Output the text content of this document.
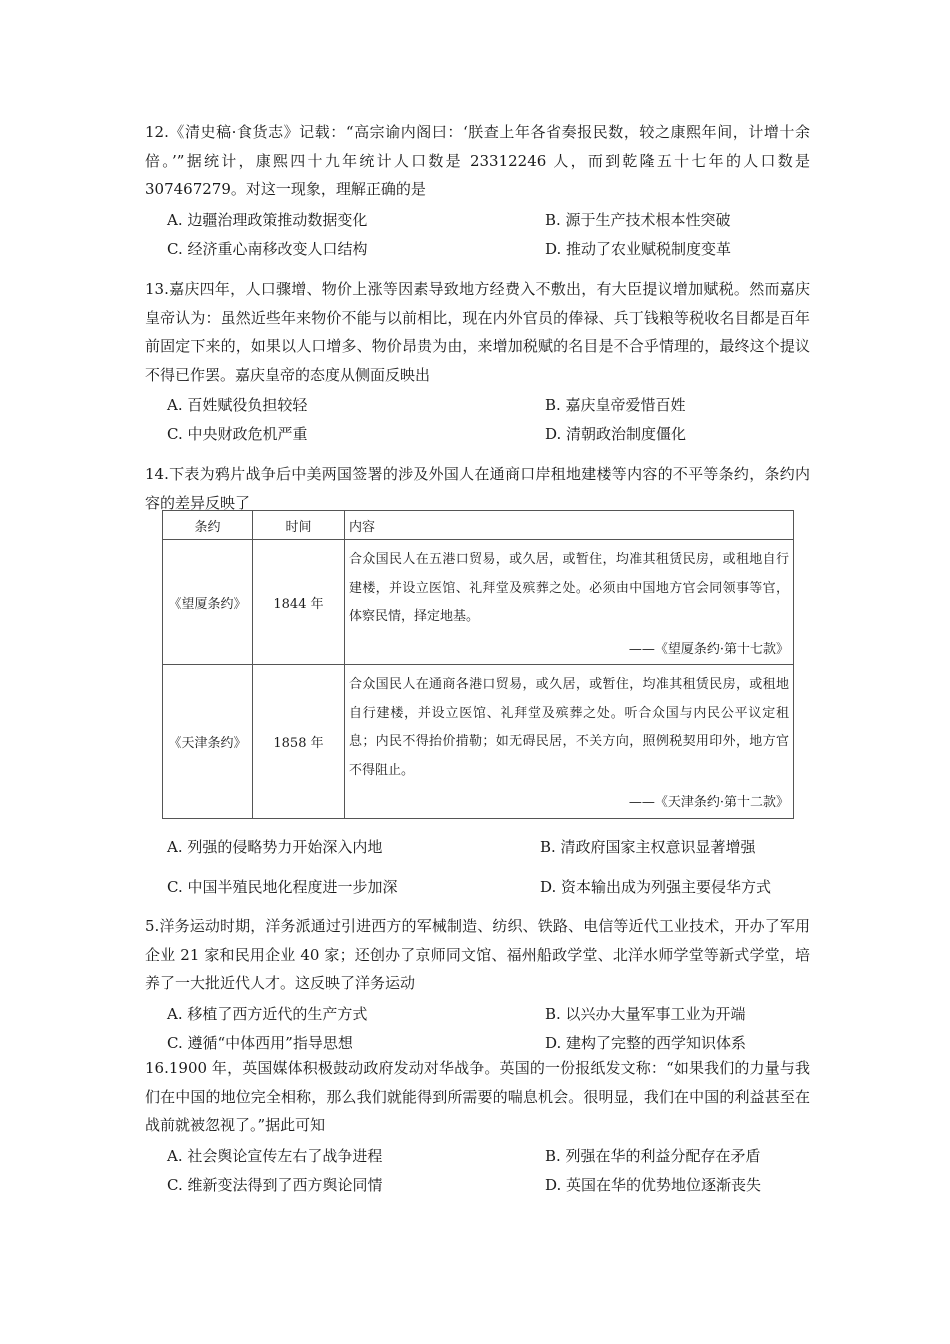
12.《清史稿·食货志》记载：“高宗谕内阁曰：‘朕查上年各省奏报民数，较之康熙年间，计增十余倍。’”据统计，康熙四十九年统计人口数是 23312246 人，而到乾隆五十七年的人口数是 307467279。对这一现象，理解正确的是

A. 边疆治理政策推动数据变化	B. 源于生产技术根本性突破
C. 经济重心南移改变人口结构	D. 推动了农业赋税制度变革

13.嘉庆四年，人口骤增、物价上涨等因素导致地方经费入不敷出，有大臣提议增加赋税。然而嘉庆皇帝认为：虽然近些年来物价不能与以前相比，现在内外官员的俸禄、兵丁钱粮等税收名目都是百年前固定下来的，如果以人口增多、物价昂贵为由，来增加税赋的名目是不合乎情理的，最终这个提议不得已作罢。嘉庆皇帝的态度从侧面反映出

A. 百姓赋役负担较轻	B. 嘉庆皇帝爱惜百姓
C. 中央财政危机严重	D. 清朝政治制度僵化

14.下表为鸦片战争后中美两国签署的涉及外国人在通商口岸租地建楼等内容的不平等条约，条约内容的差异反映了

条约	时间	内容
《望厦条约》	1844 年	合众国民人在五港口贸易，或久居，或暂住，均准其租赁民房，或租地自行建楼，并设立医馆、礼拜堂及殡葬之处。必须由中国地方官会同领事等官，体察民情，择定地基。
——《望厦条约·第十七款》

《天津条约》	1858 年	合众国民人在通商各港口贸易，或久居，或暂住，均准其租赁民房，或租地自行建楼，并设立医馆、礼拜堂及殡葬之处。听合众国与内民公平议定租息；内民不得抬价掯勒；如无碍民居，不关方向，照例税契用印外，地方官不得阻止。
——《天津条约·第十二款》
A. 列强的侵略势力开始深入内地	B. 清政府国家主权意识显著增强
C. 中国半殖民地化程度进一步加深	D. 资本输出成为列强主要侵华方式

5.洋务运动时期，洋务派通过引进西方的军械制造、纺织、铁路、电信等近代工业技术，开办了军用企业 21 家和民用企业 40 家；还创办了京师同文馆、福州船政学堂、北洋水师学堂等新式学堂，培养了一大批近代人才。这反映了洋务运动

A. 移植了西方近代的生产方式	B. 以兴办大量军事工业为开端
C. 遵循“中体西用”指导思想	D. 建构了完整的西学知识体系

16.1900 年，英国媒体积极鼓动政府发动对华战争。英国的一份报纸发文称：“如果我们的力量与我们在中国的地位完全相称，那么我们就能得到所需要的喘息机会。很明显，我们在中国的利益甚至在战前就被忽视了。”据此可知

A. 社会舆论宣传左右了战争进程	B. 列强在华的利益分配存在矛盾
C. 维新变法得到了西方舆论同情	D. 英国在华的优势地位逐渐丧失
